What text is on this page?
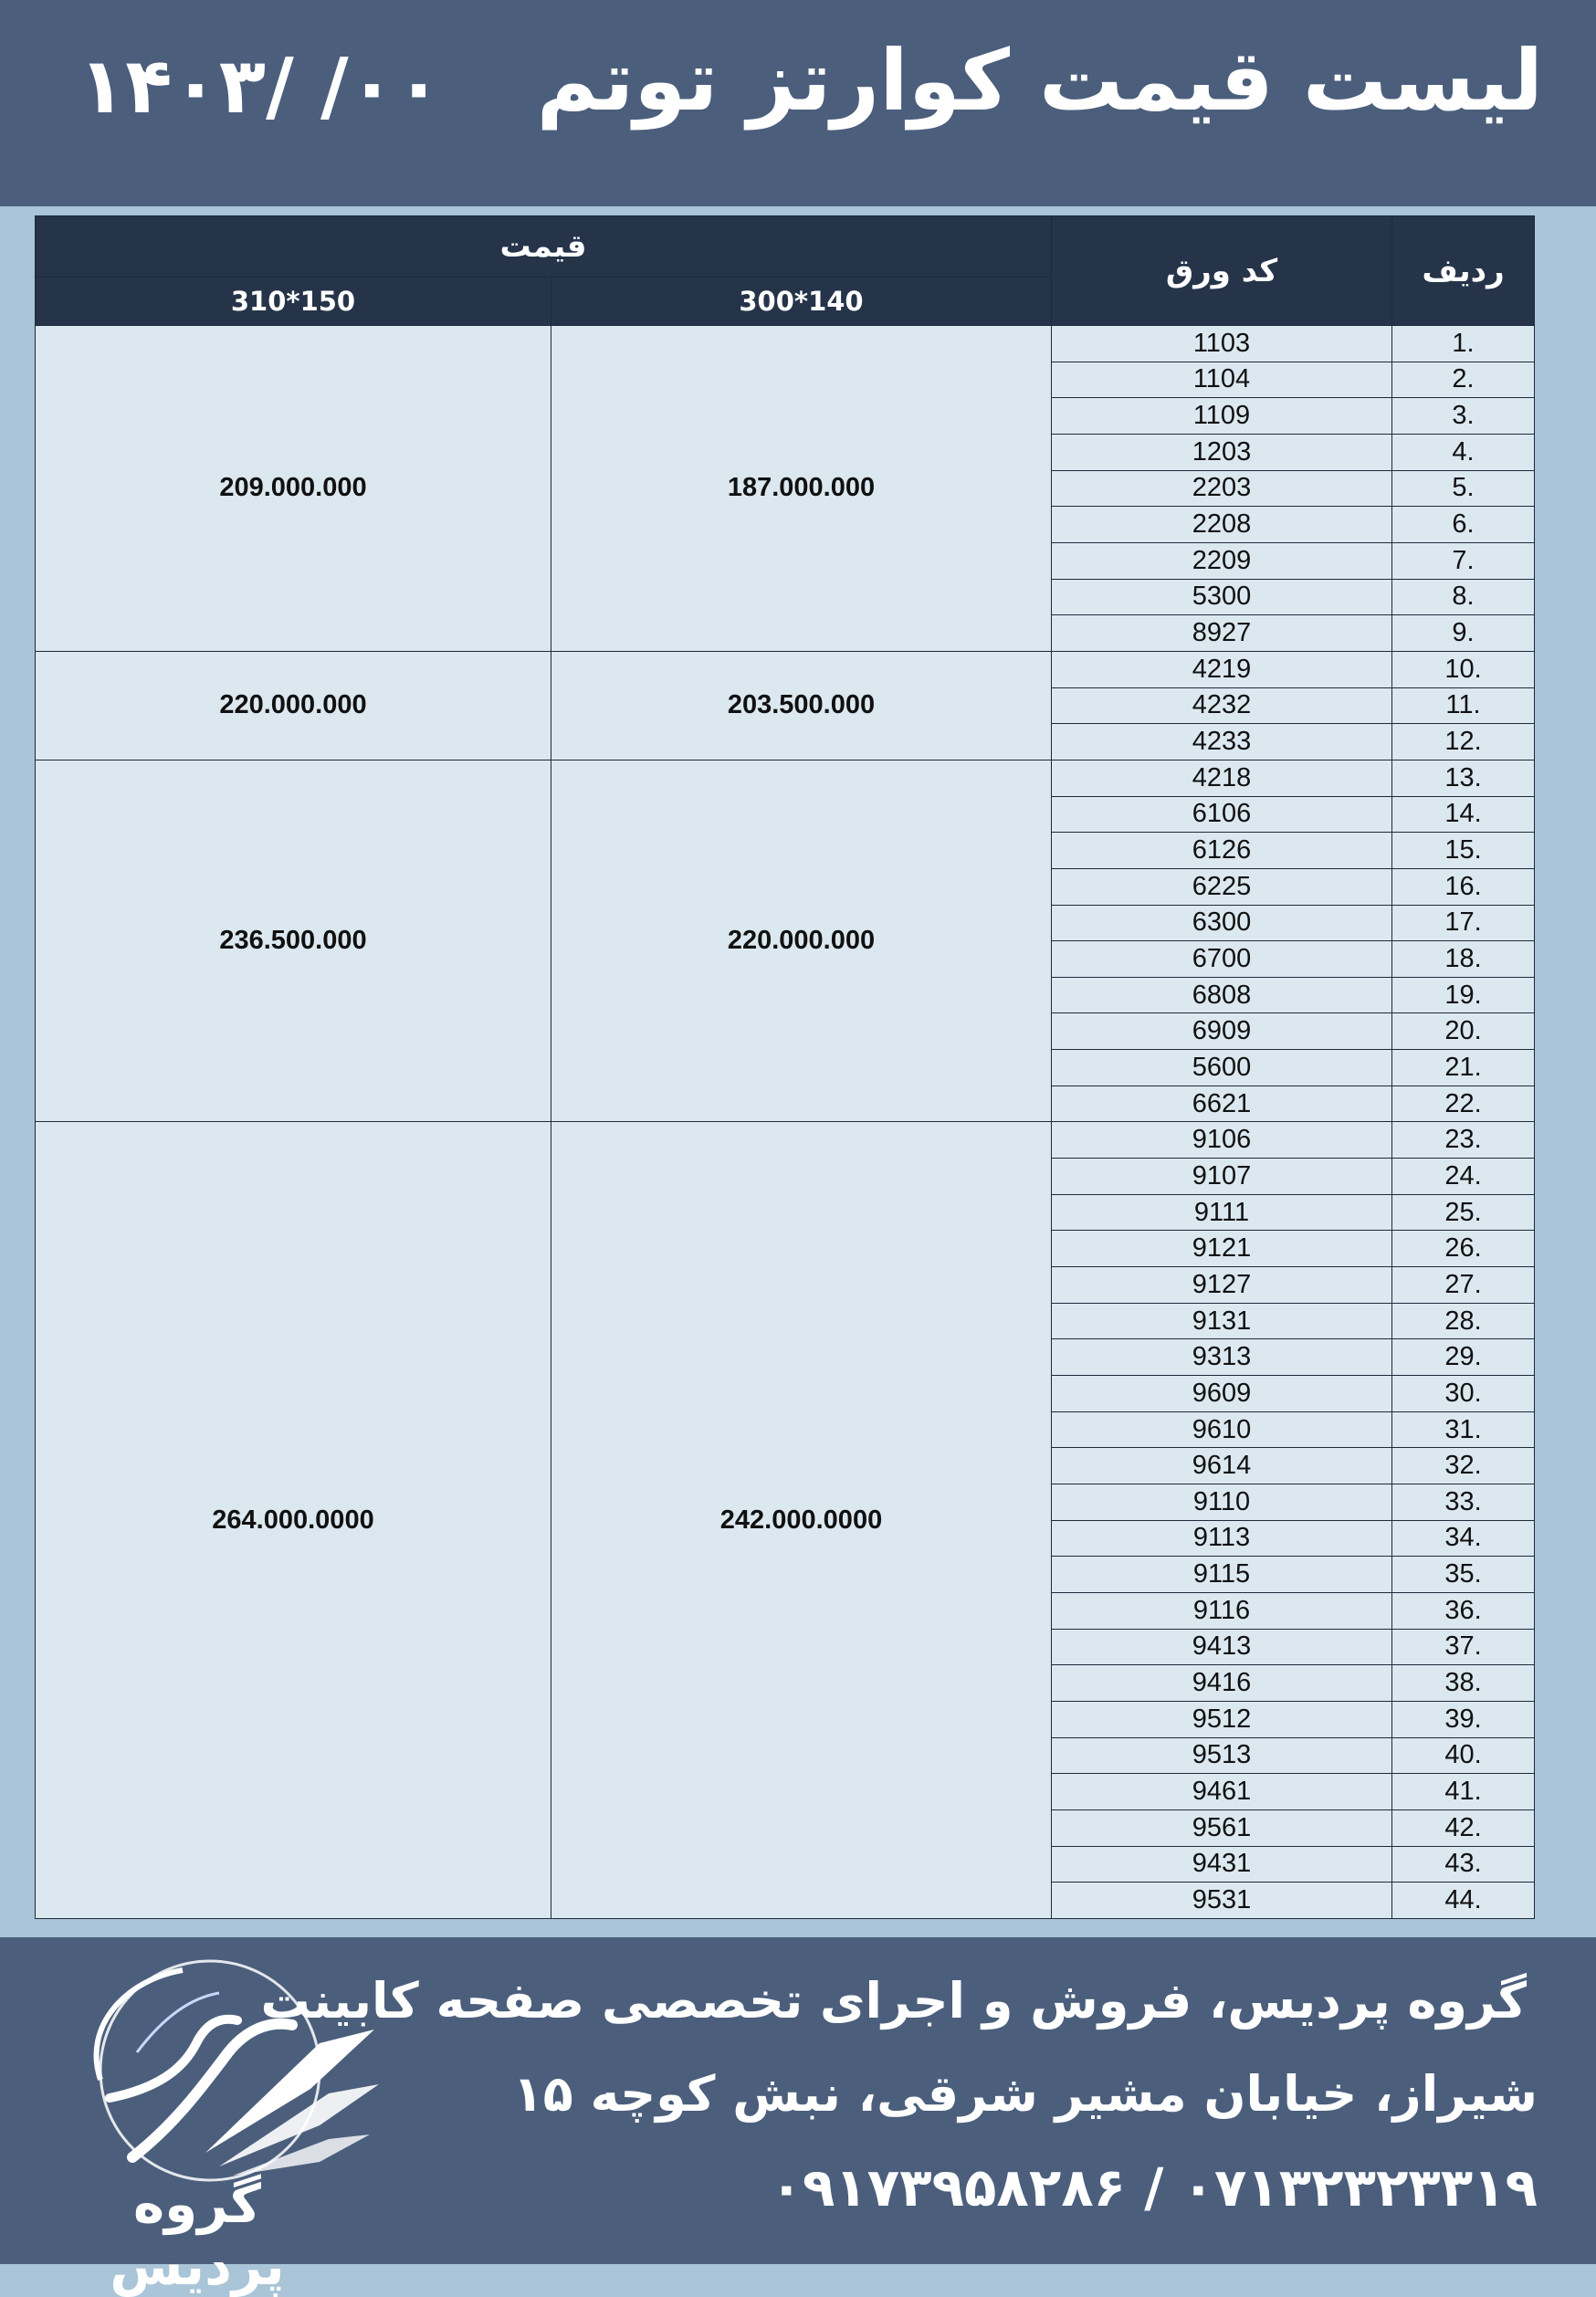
لیست قیمت کوارتز توتم
۱۴۰۳/ /۰۰
قیمت		کد ورق	ردیف
310*150	300*140		
209.000.000	187.000.000	1103	1.
		1104	2.
		1109	3.
		1203	4.
		2203	5.
		2208	6.
		2209	7.
		5300	8.
		8927	9.
220.000.000	203.500.000	4219	10.
		4232	11.
		4233	12.
236.500.000	220.000.000	4218	13.
		6106	14.
		6126	15.
		6225	16.
		6300	17.
		6700	18.
		6808	19.
		6909	20.
		5600	21.
		6621	22.
264.000.0000	242.000.0000	9106	23.
		9107	24.
		9111	25.
		9121	26.
		9127	27.
		9131	28.
		9313	29.
		9609	30.
		9610	31.
		9614	32.
		9110	33.
		9113	34.
		9115	35.
		9116	36.
		9413	37.
		9416	38.
		9512	39.
		9513	40.
		9461	41.
		9561	42.
		9431	43.
		9531	44.
گروه پردیس
گروه پردیس، فروش و اجرای تخصصی صفحه کابینت
شیراز، خیابان مشیر شرقی، نبش کوچه ۱۵
۰۹۱۷۳۹۵۸۲۸۶ / ۰۷۱۳۲۳۲۳۳۱۹
